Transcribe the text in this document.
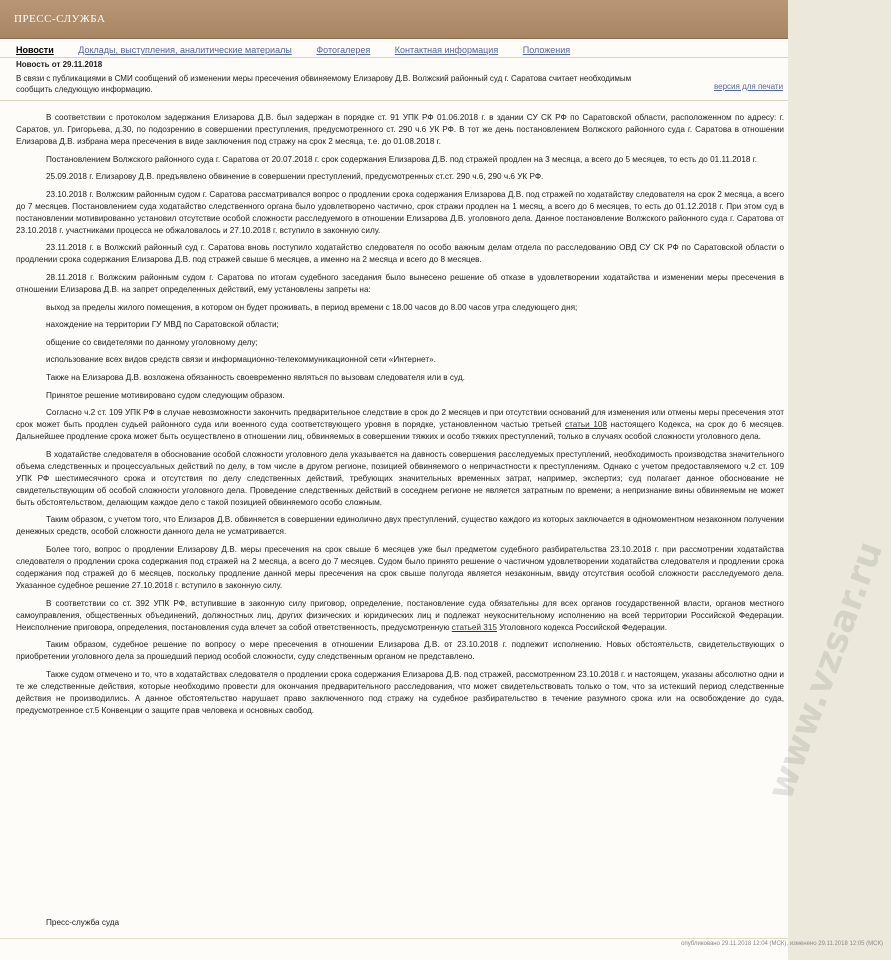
ПРЕСС-СЛУЖБА
Новости	Доклады, выступления, аналитические материалы	Фотогалерея	Контактная информация	Положения
Новость от 29.11.2018
В связи с публикациями в СМИ сообщений об изменении меры пресечения обвиняемому Елизарову Д.В. Волжский районный суд г. Саратова считает необходимым сообщить следующую информацию.	версия для печати

В соответствии с протоколом задержания Елизарова Д.В. был задержан в порядке ст. 91 УПК РФ 01.06.2018 г. в здании СУ СК РФ по Саратовской области, расположенном по адресу: г. Саратов, ул. Григорьева, д.30, по подозрению в совершении преступления, предусмотренного ст. 290 ч.6 УК РФ. В тот же день постановлением Волжского районного суда г. Саратова в отношении Елизарова Д.В. избрана мера пресечения в виде заключения под стражу на срок 2 месяца, т.е. до 01.08.2018 г.

Постановлением Волжского районного суда г. Саратова от 20.07.2018 г. срок содержания Елизарова Д.В. под стражей продлен на 3 месяца, а всего до 5 месяцев, то есть до 01.11.2018 г.

25.09.2018 г. Елизарову Д.В. предъявлено обвинение в совершении преступлений, предусмотренных ст.ст. 290 ч.6, 290 ч.6 УК РФ.

23.10.2018 г. Волжским районным судом г. Саратова рассматривался вопрос о продлении срока содержания Елизарова Д.В. под стражей по ходатайству следователя на срок 2 месяца, а всего до 7 месяцев. Постановлением суда ходатайство следственного органа было удовлетворено частично, срок стражи продлен на 1 месяц, а всего до 6 месяцев, то есть до 01.12.2018 г. При этом суд в постановлении мотивированно установил отсутствие особой сложности расследуемого в отношении Елизарова Д.В. уголовного дела. Данное постановление Волжского районного суда г. Саратова от 23.10.2018 г. участниками процесса не обжаловалось и 27.10.2018 г. вступило в законную силу.

23.11.2018 г. в Волжский районный суд г. Саратова вновь поступило ходатайство следователя по особо важным делам отдела по расследованию ОВД СУ СК РФ по Саратовской области о продлении срока содержания Елизарова Д.В. под стражей свыше 6 месяцев, а именно на 2 месяца и всего до 8 месяцев.

28.11.2018 г. Волжским районным судом г. Саратова по итогам судебного заседания было вынесено решение об отказе в удовлетворении ходатайства и изменении меры пресечения в отношении Елизарова Д.В. на запрет определенных действий, ему установлены запреты на:

выход за пределы жилого помещения, в котором он будет проживать, в период времени с 18.00 часов до 8.00 часов утра следующего дня;

нахождение на территории ГУ МВД по Саратовской области;

общение со свидетелями по данному уголовному делу;

использование всех видов средств связи и информационно-телекоммуникационной сети «Интернет».

Также на Елизарова Д.В. возложена обязанность своевременно являться по вызовам следователя или в суд.

Принятое решение мотивировано судом следующим образом.

Согласно ч.2 ст. 109 УПК РФ в случае невозможности закончить предварительное следствие в срок до 2 месяцев и при отсутствии оснований для изменения или отмены меры пресечения этот срок может быть продлен судьей районного суда или военного суда соответствующего уровня в порядке, установленном частью третьей статьи 108 настоящего Кодекса, на срок до 6 месяцев. Дальнейшее продление срока может быть осуществлено в отношении лиц, обвиняемых в совершении тяжких и особо тяжких преступлений, только в случаях особой сложности уголовного дела.

В ходатайстве следователя в обоснование особой сложности уголовного дела указывается на давность совершения расследуемых преступлений, необходимость производства значительного объема следственных и процессуальных действий по делу, в том числе в другом регионе, позицией обвиняемого о непричастности к преступлениям. Однако с учетом предоставляемого ч.2 ст. 109 УПК РФ шестимесячного срока и отсутствия по делу следственных действий, требующих значительных временных затрат, например, экспертиз; суд полагает данное обоснование не свидетельствующим об особой сложности уголовного дела. Проведение следственных действий в соседнем регионе не является затратным по времени; а непризнание вины обвиняемым не может быть обстоятельством, делающим каждое дело с такой позицией обвиняемого особо сложным.

Таким образом, с учетом того, что Елизаров Д.В. обвиняется в совершении единолично двух преступлений, существо каждого из которых заключается в одномоментном незаконном получении денежных средств, особой сложности данного дела не усматривается.

Более того, вопрос о продлении Елизарову Д.В. меры пресечения на срок свыше 6 месяцев уже был предметом судебного разбирательства 23.10.2018 г. при рассмотрении ходатайства следователя о продлении срока содержания под стражей на 2 месяца, а всего до 7 месяцев. Судом было принято решение о частичном удовлетворении ходатайства следователя и продлении срока содержания под стражей до 6 месяцев, поскольку продление данной меры пресечения на срок свыше полугода является незаконным, ввиду отсутствия особой сложности расследуемого дела. Указанное судебное решение 27.10.2018 г. вступило в законную силу.

В соответствии со ст. 392 УПК РФ, вступившие в законную силу приговор, определение, постановление суда обязательны для всех органов государственной власти, органов местного самоуправления, общественных объединений, должностных лиц, других физических и юридических лиц и подлежат неукоснительному исполнению на всей территории Российской Федерации. Неисполнение приговора, определения, постановления суда влечет за собой ответственность, предусмотренную статьей 315 Уголовного кодекса Российской Федерации.

Таким образом, судебное решение по вопросу о мере пресечения в отношении Елизарова Д.В. от 23.10.2018 г. подлежит исполнению. Новых обстоятельств, свидетельствующих о приобретении уголовного дела за прошедший период особой сложности, суду следственным органом не представлено.

Также судом отмечено и то, что в ходатайствах следователя о продлении срока содержания Елизарова Д.В. под стражей, рассмотренном 23.10.2018 г. и настоящем, указаны абсолютно одни и те же следственные действия, которые необходимо провести для окончания предварительного расследования, что может свидетельствовать только о том, что за истекший период следственные действия не производились. А данное обстоятельство нарушает право заключенного под стражу на судебное разбирательство в течение разумного срока или на освобождение до суда, предусмотренное ст.5 Конвенции о защите прав человека и основных свобод.

Пресс-служба суда
опубликовано 29.11.2018 12:04 (МСК), изменено 29.11.2018 12:05 (МСК)
www.vzsar.ru
